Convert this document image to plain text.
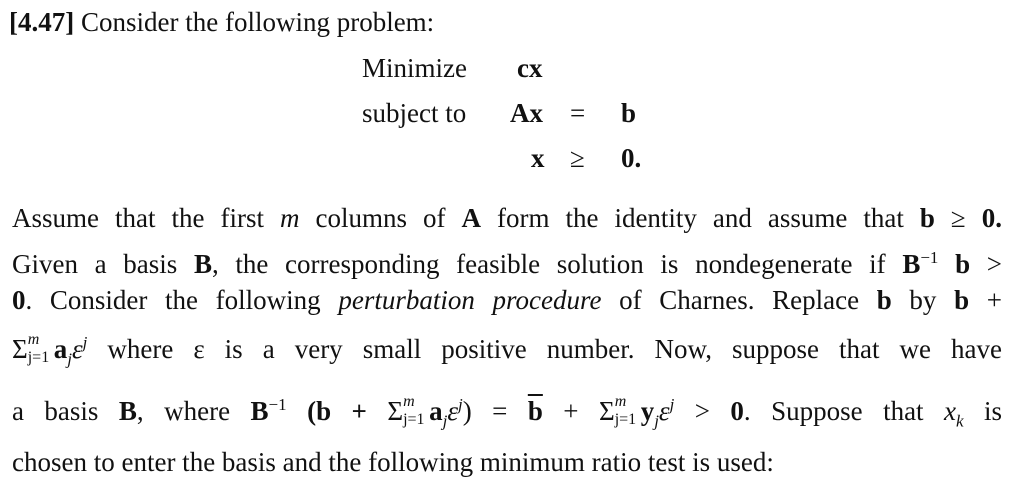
[4.47] Consider the following problem:
Minimize cx
subject to Ax = b
x ≥ 0.
Assume that the first m columns of A form the identity and assume that b ≥ 0.
Given a basis B, the corresponding feasible solution is nondegenerate if $B^{-1}$ b >
0. Consider the following perturbation procedure of Charnes. Replace b by b +
Σ m
j=1 $a_j\varepsilon^j$ where ε is a very small positive number. Now, suppose that we have
a basis B, where $B^{-1}$ (b + Σ m
j=1 $a_j\varepsilon^j) = \overline{b} + \Sigma$ m
j=1 $y_j\varepsilon^j > 0$. Suppose that $x_k$ is
chosen to enter the basis and the following minimum ratio test is used:
